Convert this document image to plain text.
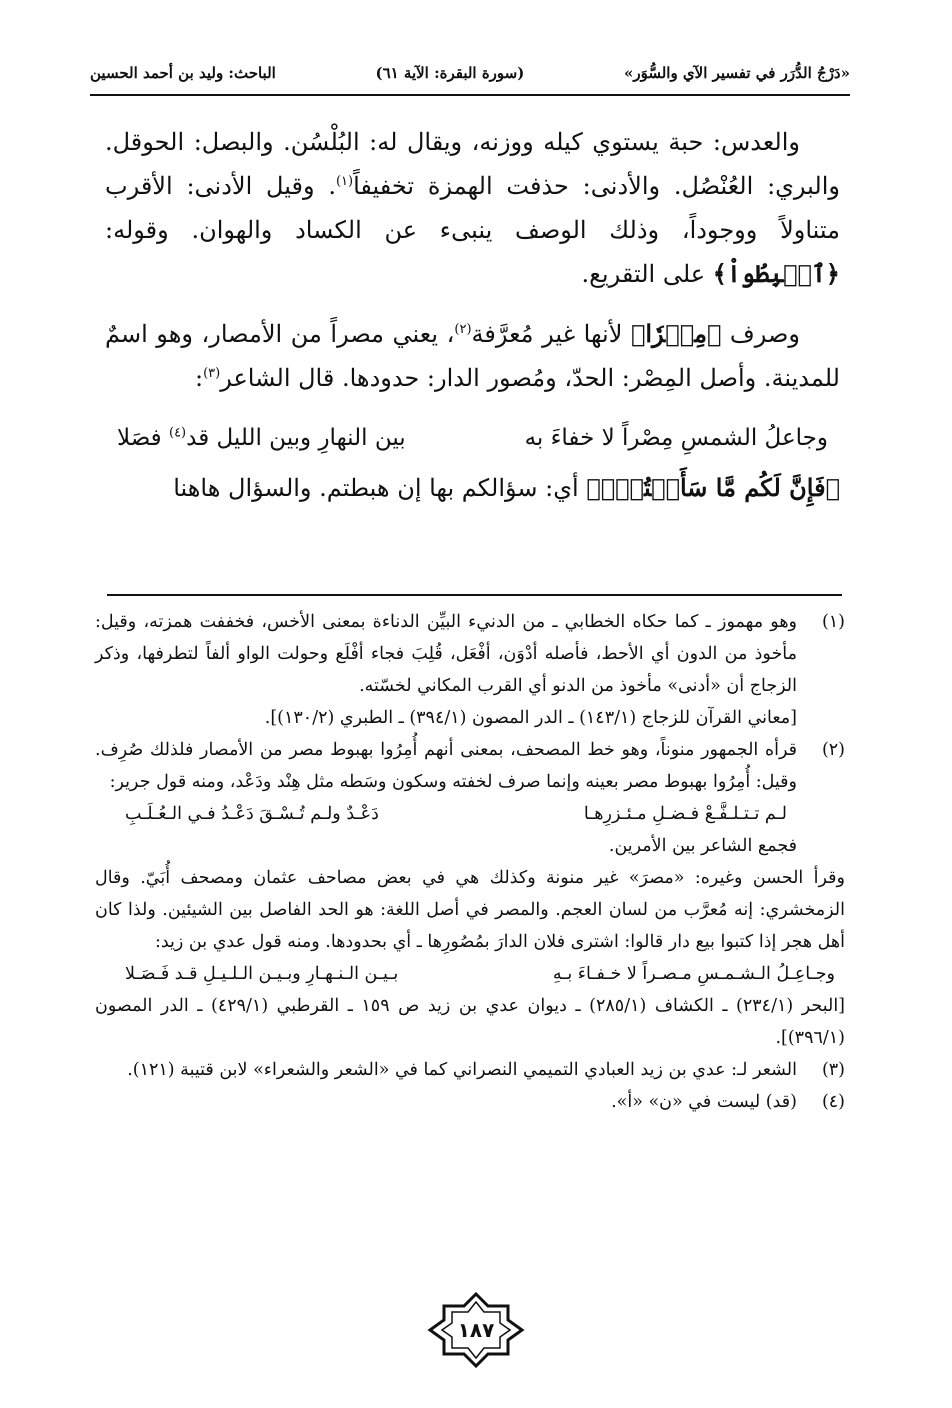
«دَرْجُ الدُّرَر في تفسير الآي والسُّوَر»
(سورة البقرة: الآية ٦١)
الباحث: وليد بن أحمد الحسين

والعدس: حبة يستوي كيله ووزنه، ويقال له: البُلْسُن. والبصل: الحوقل. والبري: العُنْصُل. والأدنى: حذفت الهمزة تخفيفاً$^{(١)}$. وقيل الأدنى: الأقرب متناولاً ووجوداً، وذلك الوصف ينبىء عن الكساد والهوان. وقوله: ﴿ٱهۡبِطُواْ﴾ على التقريع.

وصرف ﴿مِصۡرٗا﴾ لأنها غير مُعرَّفة$^{(٢)}$، يعني مصراً من الأمصار، وهو اسمٌ للمدينة. وأصل المِصْر: الحدّ، ومُصور الدار: حدودها. قال الشاعر$^{(٣)}$:

وجاعلُ الشمسِ مِصْراً لا خفاءَ به
بين النهارِ وبين الليل قد$^{(٤)}$ فصَلا

﴿فَإِنَّ لَكُم مَّا سَأَلۡتُمۡۗ﴾ أي: سؤالكم بها إن هبطتم. والسؤال هاهنا

(١)

وهو مهموز ـ كما حكاه الخطابي ـ من الدنيء البيِّن الدناءة بمعنى الأخس، فخففت همزته، وقيل: مأخوذ من الدون أي الأحط، فأصله أدْوَن، أفْعَل، قُلِبَ فجاء أفْلَع وحولت الواو ألفاً لتطرفها، وذكر الزجاج أن «أدنى» مأخوذ من الدنو أي القرب المكاني لخسّته.

[معاني القرآن للزجاج (١٤٣/١) ـ الدر المصون (٣٩٤/١) ـ الطبري (١٣٠/٢)].

(٢)

قرأه الجمهور منوناً، وهو خط المصحف، بمعنى أنهم أُمِرُوا بهبوط مصر من الأمصار فلذلك صُرِف. وقيل: أُمِرُوا بهبوط مصر بعينه وإنما صرف لخفته وسكون وسَطه مثل هِنْد ودَعْد، ومنه قول جرير:

لـم تـتـلـفَّـعْ فـضـلِ مـئـزرِهـا
دَعْـدٌ ولـم تُـسْـقَ دَعْـدُ فـي الـعُـلَـبِ

فجمع الشاعر بين الأمرين.

وقرأ الحسن وغيره: «مصرَ» غير منونة وكذلك هي في بعض مصاحف عثمان ومصحف أُبَيّ. وقال الزمخشري: إنه مُعرَّب من لسان العجم. والمصر في أصل اللغة: هو الحد الفاصل بين الشيئين. ولذا كان أهل هجر إذا كتبوا بيع دار قالوا: اشترى فلان الدارَ بمُصُورِها ـ أي بحدودها. ومنه قول عدي بن زيد:

وجـاعِـلُ الـشـمـسِ مـصـراً لا خـفـاءَ بـهِ
بـيـن الـنـهـارِ وبـيـن الـلـيـلِ قـد فَـصَـلا

[البحر (٢٣٤/١) ـ الكشاف (٢٨٥/١) ـ ديوان عدي بن زيد ص ١٥٩ ـ القرطبي (٤٢٩/١) ـ الدر المصون (٣٩٦/١)].

(٣)

الشعر لـ: عدي بن زيد العبادي التميمي النصراني كما في «الشعر والشعراء» لابن قتيبة (١٢١).

(٤)

(قد) ليست في «ن» «أ».

١٨٧
